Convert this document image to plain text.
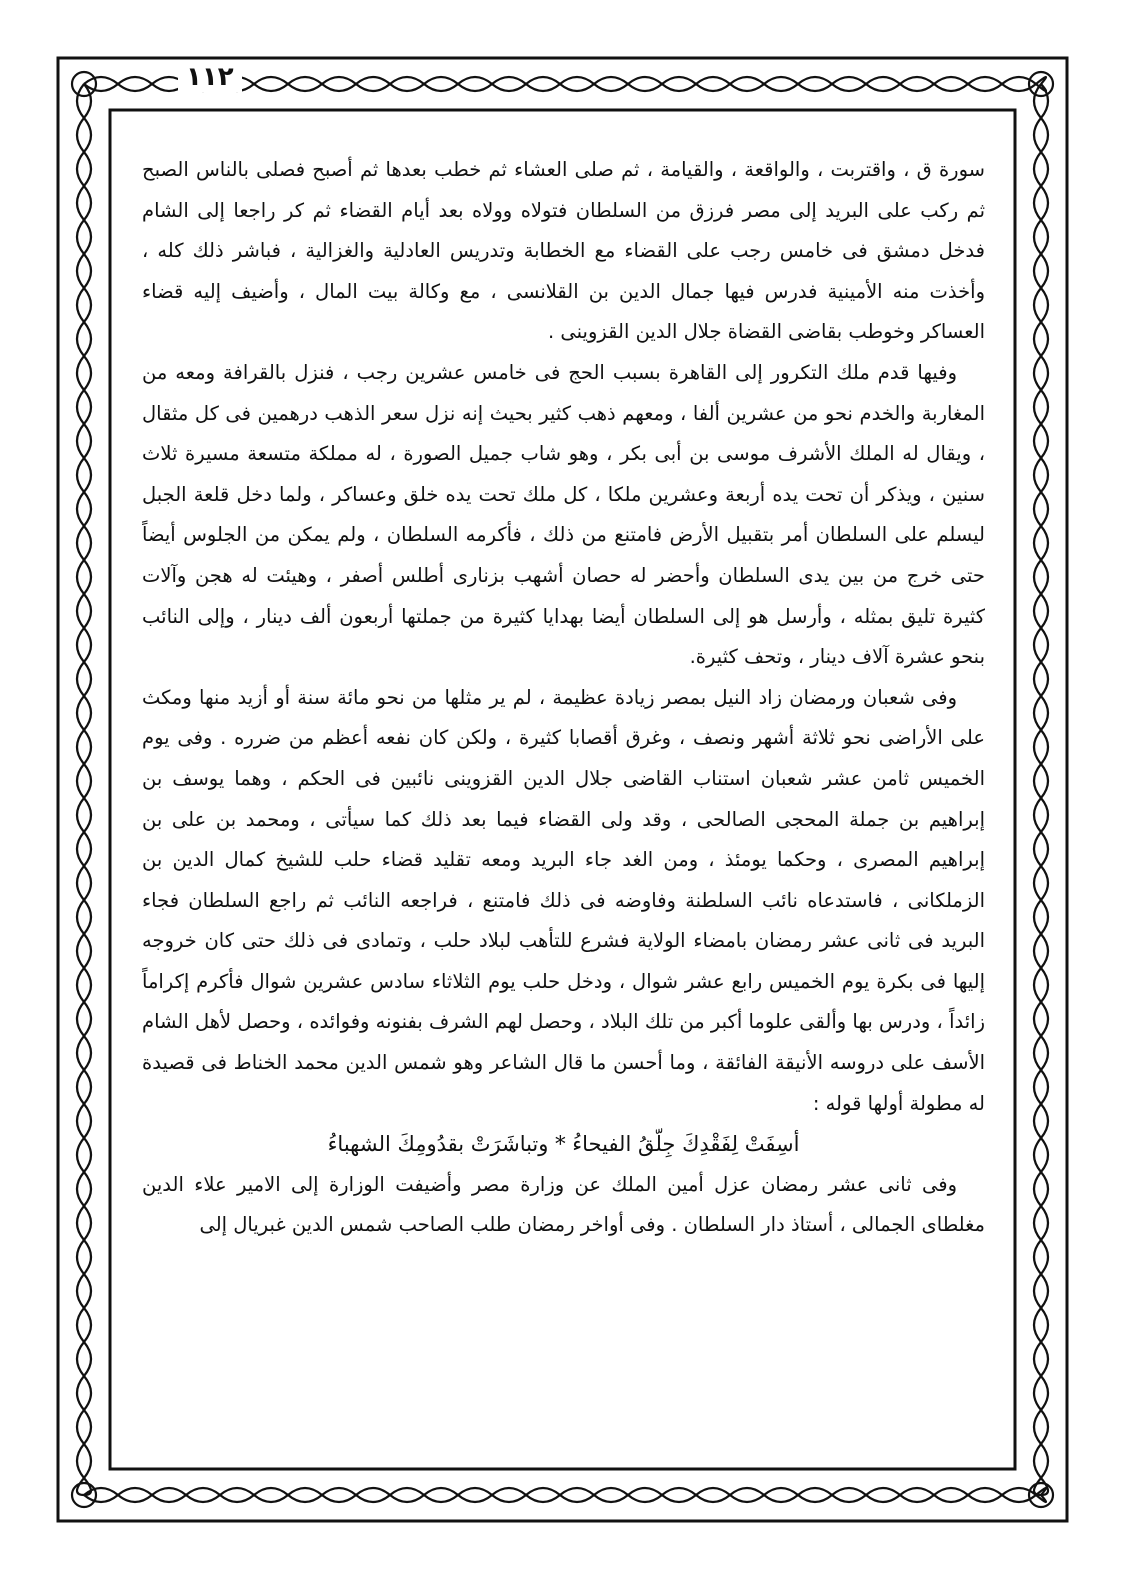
١١٢

سورة ق ، واقتربت ، والواقعة ، والقيامة ، ثم صلى العشاء ثم خطب بعدها ثم أصبح فصلى بالناس الصبح ثم ركب على البريد إلى مصر فرزق من السلطان فتولاه وولاه بعد أيام القضاء ثم كر راجعا إلى الشام فدخل دمشق فى خامس رجب على القضاء مع الخطابة وتدريس العادلية والغزالية ، فباشر ذلك كله ، وأخذت منه الأمينية فدرس فيها جمال الدين بن القلانسى ، مع وكالة بيت المال ، وأضيف إليه قضاء العساكر وخوطب بقاضى القضاة جلال الدين القزوينى .

وفيها قدم ملك التكرور إلى القاهرة بسبب الحج فى خامس عشرين رجب ، فنزل بالقرافة ومعه من المغاربة والخدم نحو من عشرين ألفا ، ومعهم ذهب كثير بحيث إنه نزل سعر الذهب درهمين فى كل مثقال ، ويقال له الملك الأشرف موسى بن أبى بكر ، وهو شاب جميل الصورة ، له مملكة متسعة مسيرة ثلاث سنين ، ويذكر أن تحت يده أربعة وعشرين ملكا ، كل ملك تحت يده خلق وعساكر ، ولما دخل قلعة الجبل ليسلم على السلطان أمر بتقبيل الأرض فامتنع من ذلك ، فأكرمه السلطان ، ولم يمكن من الجلوس أيضاً حتى خرج من بين يدى السلطان وأحضر له حصان أشهب بزنارى أطلس أصفر ، وهيئت له هجن وآلات كثيرة تليق بمثله ، وأرسل هو إلى السلطان أيضا بهدايا كثيرة من جملتها أربعون ألف دينار ، وإلى النائب بنحو عشرة آلاف دينار ، وتحف كثيرة.

وفى شعبان ورمضان زاد النيل بمصر زيادة عظيمة ، لم ير مثلها من نحو مائة سنة أو أزيد منها ومكث على الأراضى نحو ثلاثة أشهر ونصف ، وغرق أقصابا كثيرة ، ولكن كان نفعه أعظم من ضرره . وفى يوم الخميس ثامن عشر شعبان استناب القاضى جلال الدين القزوينى نائبين فى الحكم ، وهما يوسف بن إبراهيم بن جملة المحجى الصالحى ، وقد ولى القضاء فيما بعد ذلك كما سيأتى ، ومحمد بن على بن إبراهيم المصرى ، وحكما يومئذ ، ومن الغد جاء البريد ومعه تقليد قضاء حلب للشيخ كمال الدين بن الزملكانى ، فاستدعاه نائب السلطنة وفاوضه فى ذلك فامتنع ، فراجعه النائب ثم راجع السلطان فجاء البريد فى ثانى عشر رمضان بامضاء الولاية فشرع للتأهب لبلاد حلب ، وتمادى فى ذلك حتى كان خروجه إليها فى بكرة يوم الخميس رابع عشر شوال ، ودخل حلب يوم الثلاثاء سادس عشرين شوال فأكرم إكراماً زائداً ، ودرس بها وألقى علوما أكبر من تلك البلاد ، وحصل لهم الشرف بفنونه وفوائده ، وحصل لأهل الشام الأسف على دروسه الأنيقة الفائقة ، وما أحسن ما قال الشاعر وهو شمس الدين محمد الخناط فى قصيدة له مطولة أولها قوله :

أسِفَتْ لِفَقْدِكَ جِلّقُ الفيحاءُ * وتباشَرَتْ بقدُومِكَ الشهباءُ

وفى ثانى عشر رمضان عزل أمين الملك عن وزارة مصر وأضيفت الوزارة إلى الامير علاء الدين مغلطاى الجمالى ، أستاذ دار السلطان . وفى أواخر رمضان طلب الصاحب شمس الدين غبريال إلى
